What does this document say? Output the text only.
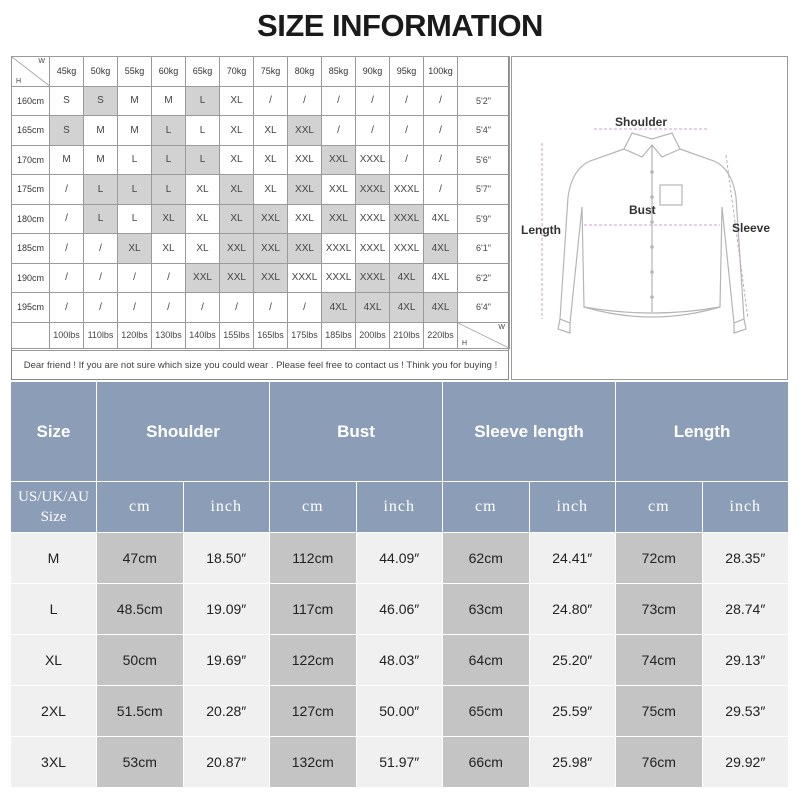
SIZE INFORMATION
H
W	45kg	50kg	55kg	60kg	65kg	70kg	75kg	80kg	85kg	90kg	95kg	100kg	
160cm	S	S	M	M	L	XL	/	/	/	/	/	/	5'2"
165cm	S	M	M	L	L	XL	XL	XXL	/	/	/	/	5'4"
170cm	M	M	L	L	L	XL	XL	XXL	XXL	XXXL	/	/	5'6"
175cm	/	L	L	L	XL	XL	XL	XXL	XXL	XXXL	XXXL	/	5'7"
180cm	/	L	L	XL	XL	XL	XXL	XXL	XXL	XXXL	XXXL	4XL	5'9"
185cm	/	/	XL	XL	XL	XXL	XXL	XXL	XXXL	XXXL	XXXL	4XL	6'1"
190cm	/	/	/	/	XXL	XXL	XXL	XXXL	XXXL	XXXL	4XL	4XL	6'2"
195cm	/	/	/	/	/	/	/	/	4XL	4XL	4XL	4XL	6'4"
	100lbs	110lbs	120lbs	130lbs	140lbs	155lbs	165lbs	175lbs	185lbs	200lbs	210lbs	220lbs	H
W
Dear friend ! If you are not sure which size you could wear . Please feel free to contact us ! Think you for buying !
Shoulder
Bust
Length	Sleeve
Size	Shoulder		Bust		Sleeve length		Length	
US/UK/AU
Size	cm	inch	cm	inch	cm	inch	cm	inch
M	47cm	18.50″	112cm	44.09″	62cm	24.41″	72cm	28.35″
L	48.5cm	19.09″	117cm	46.06″	63cm	24.80″	73cm	28.74″
XL	50cm	19.69″	122cm	48.03″	64cm	25.20″	74cm	29.13″
2XL	51.5cm	20.28″	127cm	50.00″	65cm	25.59″	75cm	29.53″
3XL	53cm	20.87″	132cm	51.97″	66cm	25.98″	76cm	29.92″
